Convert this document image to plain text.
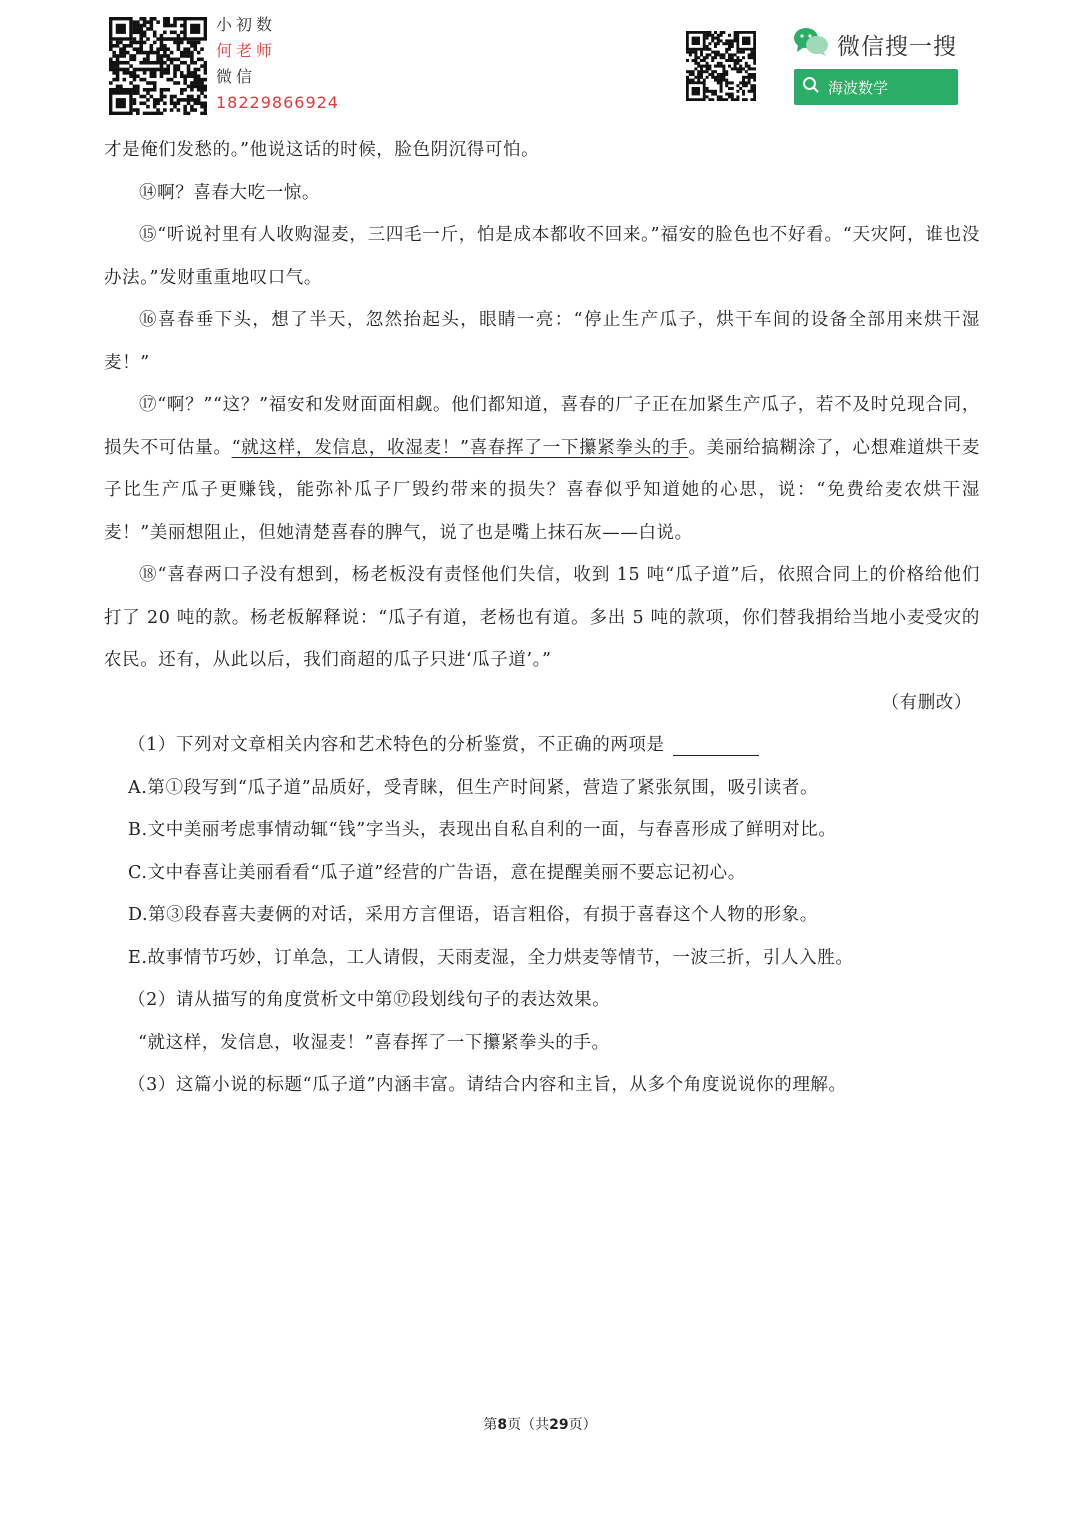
小初数
何老师
微信
18229866924
微信搜一搜
海波数学

才是俺们发愁的。”他说这话的时候，脸色阴沉得可怕。

⑭啊？喜春大吃一惊。

⑮“听说衬里有人收购湿麦，三四毛一斤，怕是成本都收不回来。”福安的脸色也不好看。“天灾阿，谁也没办法。”发财重重地叹口气。

⑯喜春垂下头，想了半天，忽然抬起头，眼睛一亮：“停止生产瓜子，烘干车间的设备全部用来烘干湿麦！”

⑰“啊？”“这？”福安和发财面面相觑。他们都知道，喜春的厂子正在加紧生产瓜子，若不及时兑现合同，损失不可估量。“就这样，发信息，收湿麦！”喜春挥了一下攥紧拳头的手。美丽给搞糊涂了，心想难道烘干麦子比生产瓜子更赚钱，能弥补瓜子厂毁约带来的损失？喜春似乎知道她的心思，说：“免费给麦农烘干湿麦！”美丽想阻止，但她清楚喜春的脾气，说了也是嘴上抹石灰——白说。

⑱“喜春两口子没有想到，杨老板没有责怪他们失信，收到 15 吨“瓜子道”后，依照合同上的价格给他们打了 20 吨的款。杨老板解释说：“瓜子有道，老杨也有道。多出 5 吨的款项，你们替我捐给当地小麦受灾的农民。还有，从此以后，我们商超的瓜子只进‘瓜子道’。”

（有删改）

（1）下列对文章相关内容和艺术特色的分析鉴赏，不正确的两项是

A.第①段写到“瓜子道”品质好，受青睐，但生产时间紧，营造了紧张氛围，吸引读者。

B.文中美丽考虑事情动辄“钱”字当头，表现出自私自利的一面，与春喜形成了鲜明对比。

C.文中春喜让美丽看看“瓜子道”经营的广告语，意在提醒美丽不要忘记初心。

D.第③段春喜夫妻俩的对话，采用方言俚语，语言粗俗，有损于喜春这个人物的形象。

E.故事情节巧妙，订单急，工人请假，天雨麦湿，全力烘麦等情节，一波三折，引人入胜。

（2）请从描写的角度赏析文中第⑰段划线句子的表达效果。

“就这样，发信息，收湿麦！”喜春挥了一下攥紧拳头的手。

（3）这篇小说的标题“瓜子道”内涵丰富。请结合内容和主旨，从多个角度说说你的理解。

第8页（共29页）
